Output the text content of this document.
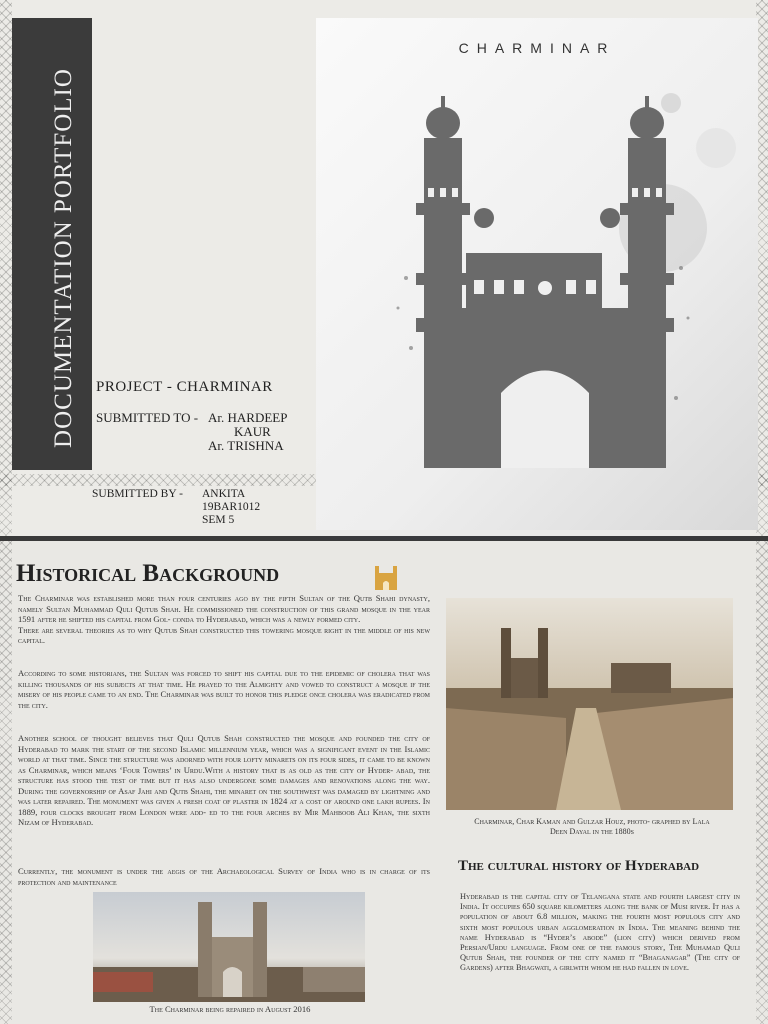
DOCUMENTATION PORTFOLIO
CHARMINAR
PROJECT - CHARMINAR
SUBMITTED TO - Ar. HARDEEP
KAUR
Ar. TRISHNA
SUBMITTED BY - ANKITA
19BAR1012
SEM 5
Historical Background
The Charminar was established more than four centuries ago by the fifth Sultan of the Qutb Shahi dynasty, namely Sultan Muhammad Quli Qutub Shah. He commissioned the construction of this grand mosque in the year 1591 after he shifted his capital from Gol- conda to Hyderabad, which was a newly formed city.
There are several theories as to why Qutub Shah constructed this towering mosque right in the middle of his new capital.
According to some historians, the Sultan was forced to shift his capital due to the epidemic of cholera that was killing thousands of his subjects at that time. He prayed to the Almighty and vowed to construct a mosque if the misery of his people came to an end. The Charminar was built to honor this pledge once cholera was eradicated from the city.
Another school of thought believes that Quli Qutub Shah constructed the mosque and founded the city of Hyderabad to mark the start of the second Islamic millennium year, which was a significant event in the Islamic world at that time. Since the structure was adorned with four lofty minarets on its four sides, it came to be known as Charminar, which means ‘Four Towers’ in Urdu.With a history that is as old as the city of Hyder- abad, the structure has stood the test of time but it has also undergone some damages and renovations along the way. During the governorship of Asaf Jahi and Qutb Shahi, the minaret on the southwest was damaged by lightning and was later repaired. The monument was given a fresh coat of plaster in 1824 at a cost of around one lakh rupees. In 1889, four clocks brought from London were add- ed to the four arches by Mir Mahboob Ali Khan, the sixth Nizam of Hyderabad.
Currently, the monument is under the aegis of the Archaeological Survey of India who is in charge of its protection and maintenance
The Charminar being repaired in August 2016
Charminar, Char Kaman and Gulzar Houz, photo- graphed by Lala Deen Dayal in the 1880s
The cultural history of Hyderabad
Hyderabad is the capital city of Telangana state and fourth largest city in India. It occupies 650 square kilometers along the bank of Musi river. It has a population of about 6.8 million, making the fourth most populous city and sixth most populous urban agglomeration in India. The meaning behind the name Hyderabad is “Hyder’s abode” (lion city) which derived from Persian/Urdu language. From one of the famous story, The Muhamad Quli Qutub Shah, the founder of the city named it “Bhaganagar” (The city of Gardens) after Bhagwati, a girlwith whom he had fallen in love.
